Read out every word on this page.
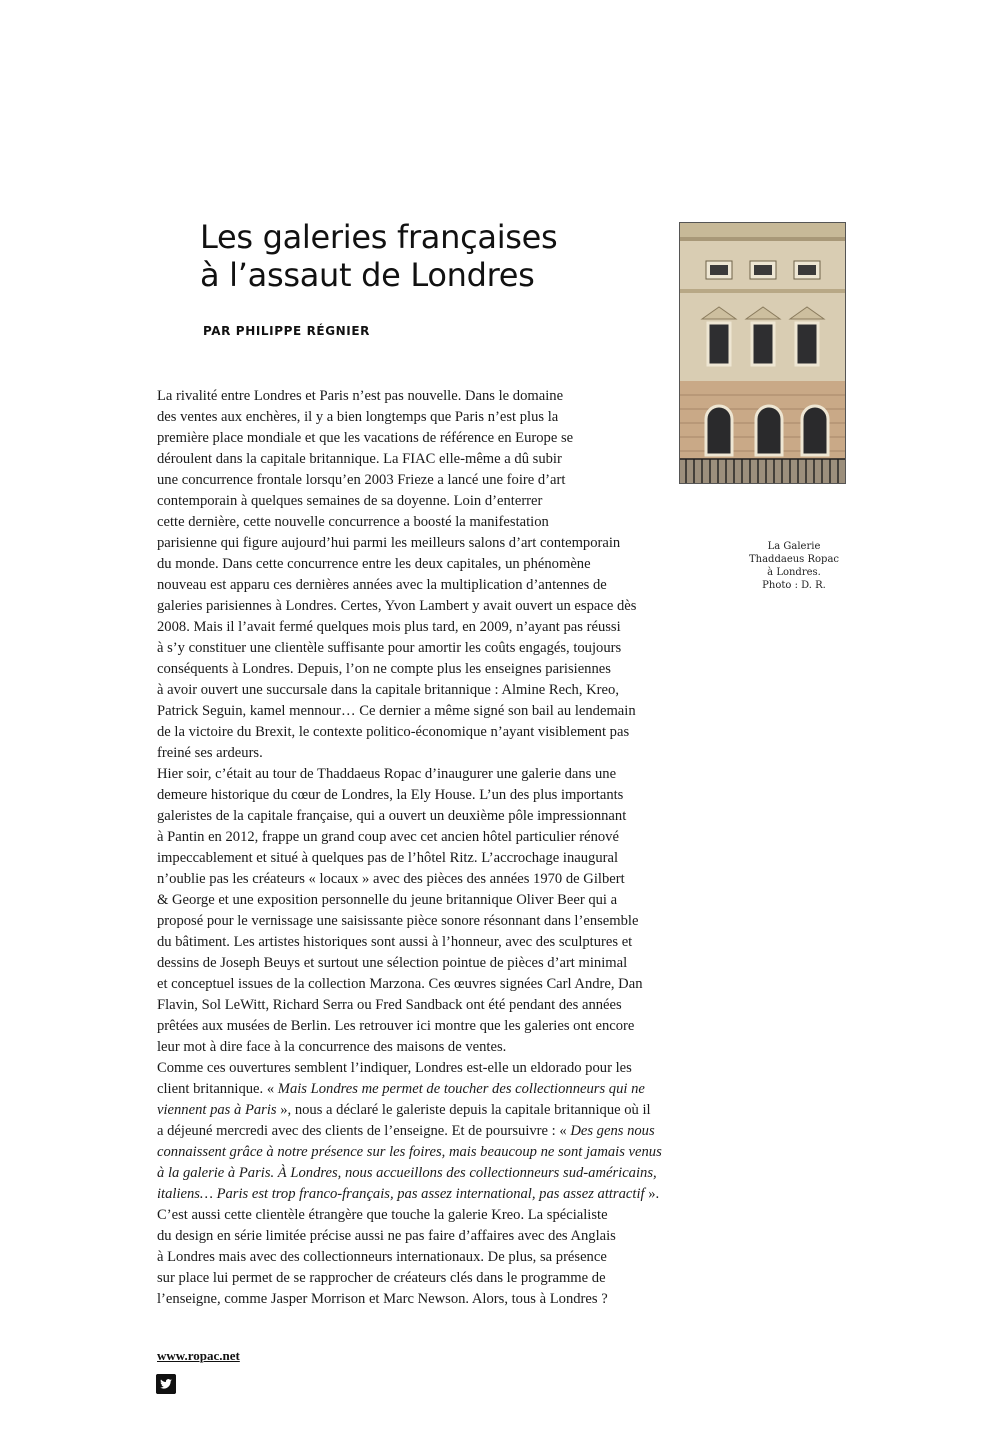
Les galeries françaises
à l’assaut de Londres

PAR PHILIPPE RÉGNIER

La Galerie
Thaddaeus Ropac
à Londres.
Photo : D. R.
La rivalité entre Londres et Paris n’est pas nouvelle. Dans le domaine
des ventes aux enchères, il y a bien longtemps que Paris n’est plus la
première place mondiale et que les vacations de référence en Europe se
déroulent dans la capitale britannique. La FIAC elle-même a dû subir
une concurrence frontale lorsqu’en 2003 Frieze a lancé une foire d’art
contemporain à quelques semaines de sa doyenne. Loin d’enterrer
cette dernière, cette nouvelle concurrence a boosté la manifestation
parisienne qui figure aujourd’hui parmi les meilleurs salons d’art contemporain
du monde. Dans cette concurrence entre les deux capitales, un phénomène
nouveau est apparu ces dernières années avec la multiplication d’antennes de
galeries parisiennes à Londres. Certes, Yvon Lambert y avait ouvert un espace dès
2008. Mais il l’avait fermé quelques mois plus tard, en 2009, n’ayant pas réussi
à s’y constituer une clientèle suffisante pour amortir les coûts engagés, toujours
conséquents à Londres. Depuis, l’on ne compte plus les enseignes parisiennes
à avoir ouvert une succursale dans la capitale britannique : Almine Rech, Kreo,
Patrick Seguin, kamel mennour… Ce dernier a même signé son bail au lendemain
de la victoire du Brexit, le contexte politico-économique n’ayant visiblement pas
freiné ses ardeurs.
Hier soir, c’était au tour de Thaddaeus Ropac d’inaugurer une galerie dans une
demeure historique du cœur de Londres, la Ely House. L’un des plus importants
galeristes de la capitale française, qui a ouvert un deuxième pôle impressionnant
à Pantin en 2012, frappe un grand coup avec cet ancien hôtel particulier rénové
impeccablement et situé à quelques pas de l’hôtel Ritz. L’accrochage inaugural
n’oublie pas les créateurs « locaux » avec des pièces des années 1970 de Gilbert
& George et une exposition personnelle du jeune britannique Oliver Beer qui a
proposé pour le vernissage une saisissante pièce sonore résonnant dans l’ensemble
du bâtiment. Les artistes historiques sont aussi à l’honneur, avec des sculptures et
dessins de Joseph Beuys et surtout une sélection pointue de pièces d’art minimal
et conceptuel issues de la collection Marzona. Ces œuvres signées Carl Andre, Dan
Flavin, Sol LeWitt, Richard Serra ou Fred Sandback ont été pendant des années
prêtées aux musées de Berlin. Les retrouver ici montre que les galeries ont encore
leur mot à dire face à la concurrence des maisons de ventes.
Comme ces ouvertures semblent l’indiquer, Londres est-elle un eldorado pour les
client britannique. « Mais Londres me permet de toucher des collectionneurs qui ne
viennent pas à Paris », nous a déclaré le galeriste depuis la capitale britannique où il
a déjeuné mercredi avec des clients de l’enseigne. Et de poursuivre : « Des gens nous
connaissent grâce à notre présence sur les foires, mais beaucoup ne sont jamais venus
à la galerie à Paris. À Londres, nous accueillons des collectionneurs sud-américains,
italiens… Paris est trop franco-français, pas assez international, pas assez attractif ».
C’est aussi cette clientèle étrangère que touche la galerie Kreo. La spécialiste
du design en série limitée précise aussi ne pas faire d’affaires avec des Anglais
à Londres mais avec des collectionneurs internationaux. De plus, sa présence
sur place lui permet de se rapprocher de créateurs clés dans le programme de
l’enseigne, comme Jasper Morrison et Marc Newson. Alors, tous à Londres ?
www.ropac.net
